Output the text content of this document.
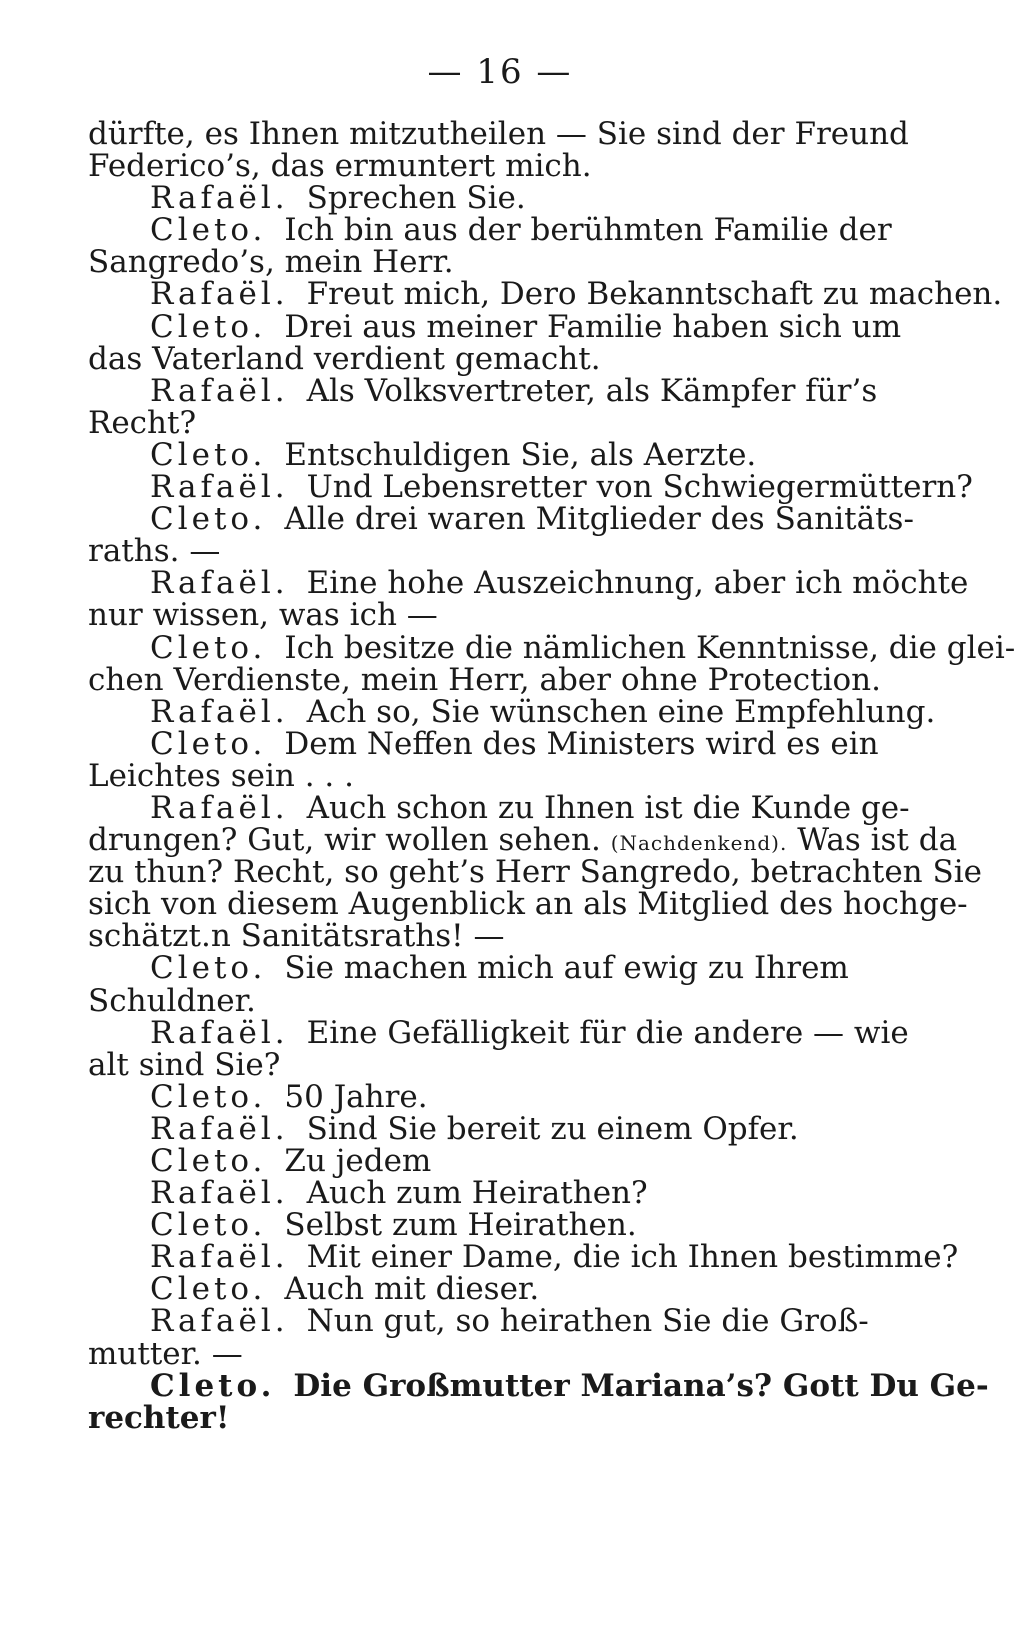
— 16 —
dürfte, es Ihnen mitzutheilen — Sie sind der Freund
Federico’s, das ermuntert mich.
Rafaël. Sprechen Sie.
Cleto. Ich bin aus der berühmten Familie der
Sangredo’s, mein Herr.
Rafaël. Freut mich, Dero Bekanntschaft zu machen.
Cleto. Drei aus meiner Familie haben sich um
das Vaterland verdient gemacht.
Rafaël. Als Volksvertreter, als Kämpfer für’s
Recht?
Cleto. Entschuldigen Sie, als Aerzte.
Rafaël. Und Lebensretter von Schwiegermüttern?
Cleto. Alle drei waren Mitglieder des Sanitäts-
raths. —
Rafaël. Eine hohe Auszeichnung, aber ich möchte
nur wissen, was ich —
Cleto. Ich besitze die nämlichen Kenntnisse, die glei-
chen Verdienste, mein Herr, aber ohne Protection.
Rafaël. Ach so, Sie wünschen eine Empfehlung.
Cleto. Dem Neffen des Ministers wird es ein
Leichtes sein . . .
Rafaël. Auch schon zu Ihnen ist die Kunde ge-
drungen? Gut, wir wollen sehen. (Nachdenkend). Was ist da
zu thun? Recht, so geht’s Herr Sangredo, betrachten Sie
sich von diesem Augenblick an als Mitglied des hochge-
schätzt.n Sanitätsraths! —
Cleto. Sie machen mich auf ewig zu Ihrem
Schuldner.
Rafaël. Eine Gefälligkeit für die andere — wie
alt sind Sie?
Cleto. 50 Jahre.
Rafaël. Sind Sie bereit zu einem Opfer.
Cleto. Zu jedem
Rafaël. Auch zum Heirathen?
Cleto. Selbst zum Heirathen.
Rafaël. Mit einer Dame, die ich Ihnen bestimme?
Cleto. Auch mit dieser.
Rafaël. Nun gut, so heirathen Sie die Groß-
mutter. —
Cleto. Die Großmutter Mariana’s? Gott Du Ge-
rechter!
